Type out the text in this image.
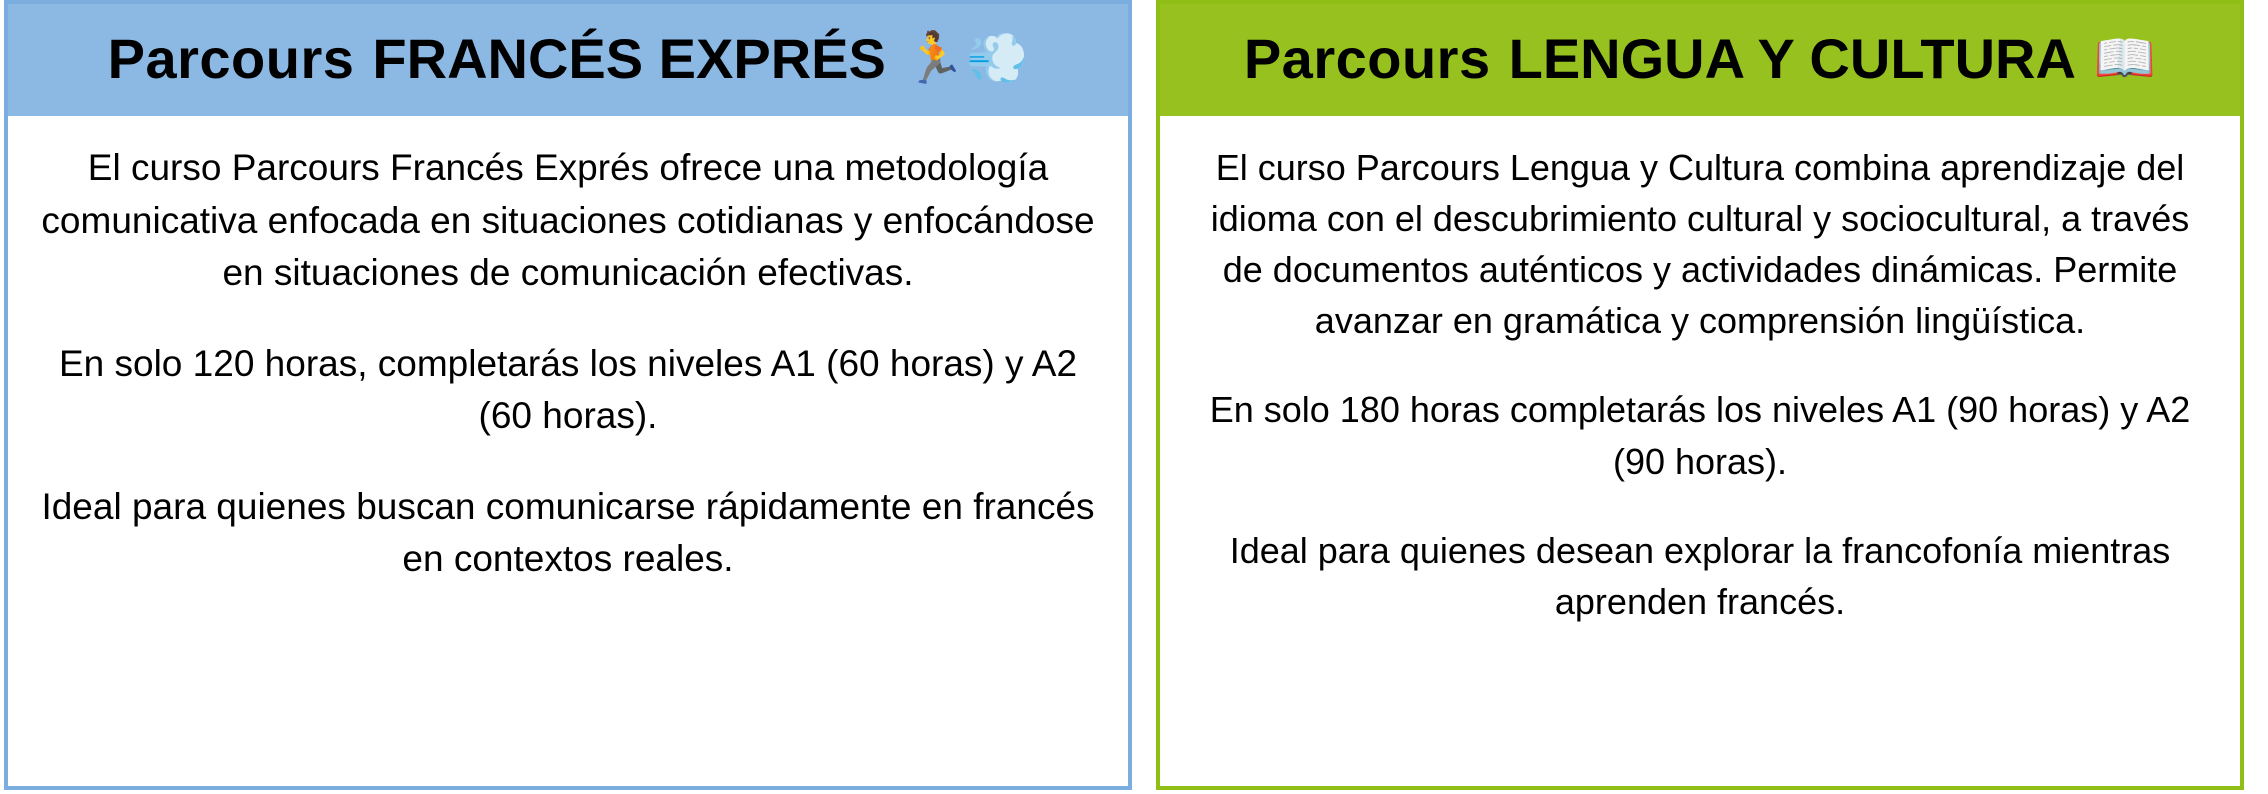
Parcours FRANCÉS EXPRÉS 🏃💨

El curso Parcours Francés Exprés ofrece una metodología comunicativa enfocada en situaciones cotidianas y enfocándose en situaciones de comunicación efectivas.

En solo 120 horas, completarás los niveles A1 (60 horas) y A2 (60 horas).

Ideal para quienes buscan comunicarse rápidamente en francés en contextos reales.

Parcours LENGUA Y CULTURA 📖

El curso Parcours Lengua y Cultura combina aprendizaje del idioma con el descubrimiento cultural y sociocultural, a través de documentos auténticos y actividades dinámicas. Permite avanzar en gramática y comprensión lingüística.

En solo 180 horas completarás los niveles A1 (90 horas) y A2 (90 horas).

Ideal para quienes desean explorar la francofonía mientras aprenden francés.
